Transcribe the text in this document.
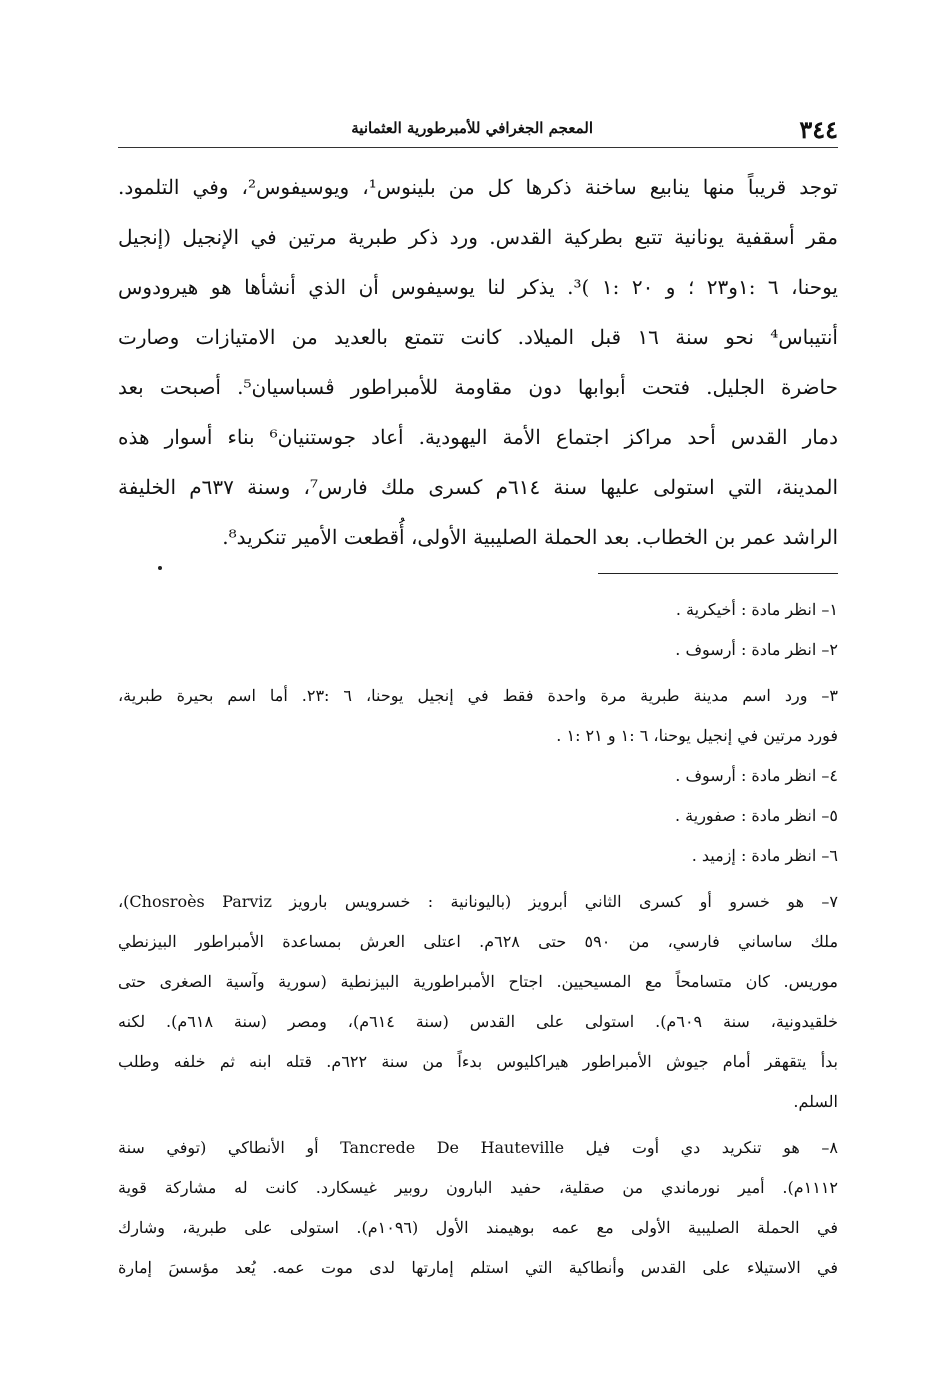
٣٤٤
المعجم الجغرافي للأمبرطورية العثمانية
توجد قريباً منها ينابيع ساخنة ذكرها كل من بلينوس¹، ويوسيفوس²، وفي التلمود.
مقر أسقفية يونانية تتبع بطركية القدس. ورد ذكر طبرية مرتين في الإنجيل (إنجيل
يوحنا، ٦ :١و٢٣ ؛ و ٢٠ :١ )³. يذكر لنا يوسيفوس أن الذي أنشأها هو هيرودوس
أنتيباس⁴ نحو سنة ١٦ قبل الميلاد. كانت تتمتع بالعديد من الامتيازات وصارت
حاضرة الجليل. فتحت أبوابها دون مقاومة للأمبراطور ڤسباسيان⁵. أصبحت بعد
دمار القدس أحد مراكز اجتماع الأمة اليهودية. أعاد جوستنيان⁶ بناء أسوار هذه
المدينة، التي استولى عليها سنة ٦١٤م كسرى ملك فارس⁷، وسنة ٦٣٧م الخليفة
الراشد عمر بن الخطاب. بعد الحملة الصليبية الأولى، أُقطعت الأمير تنكريد⁸.
١– انظر مادة : أخيكرية .
٢– انظر مادة : أرسوف .
٣– ورد اسم مدينة طبرية مرة واحدة فقط في إنجيل يوحنا، ٦ :٢٣. أما اسم بحيرة طبرية،
فورد مرتين في إنجيل يوحنا، ٦ :١ و ٢١ :١ .
٤– انظر مادة : أرسوف .
٥– انظر مادة : صفورية .
٦– انظر مادة : إزميد .
٧– هو خسرو أو كسرى الثاني أبرويز (باليونانية : خسرويس بارويز Chosroès Parviz)،
ملك ساساني فارسي، من ٥٩٠ حتى ٦٢٨م. اعتلى العرش بمساعدة الأمبراطور البيزنطي
موريس. كان متسامحاً مع المسيحيين. اجتاح الأمبراطورية البيزنطية (سورية وآسية الصغرى حتى
خلقيدونية، سنة ٦٠٩م). استولى على القدس (سنة ٦١٤م)، ومصر (سنة ٦١٨م). لكنه
بدأ يتقهقر أمام جيوش الأمبراطور هيراكليوس بدءاً من سنة ٦٢٢م. قتله ابنه ثم خلفه وطلب
السلم.
٨– هو تنكريد دي أوت فيل Tancrede De Hauteville أو الأنطاكي (توفي سنة
١١١٢م). أمير نورماندي من صقلية، حفيد البارون روبير غيسكارد. كانت له مشاركة قوية
في الحملة الصليبية الأولى مع عمه بوهيمند الأول (١٠٩٦م). استولى على طبرية، وشارك
في الاستيلاء على القدس وأنطاكية التي استلم إمارتها لدى موت عمه. يُعد مؤسسَ إمارة
